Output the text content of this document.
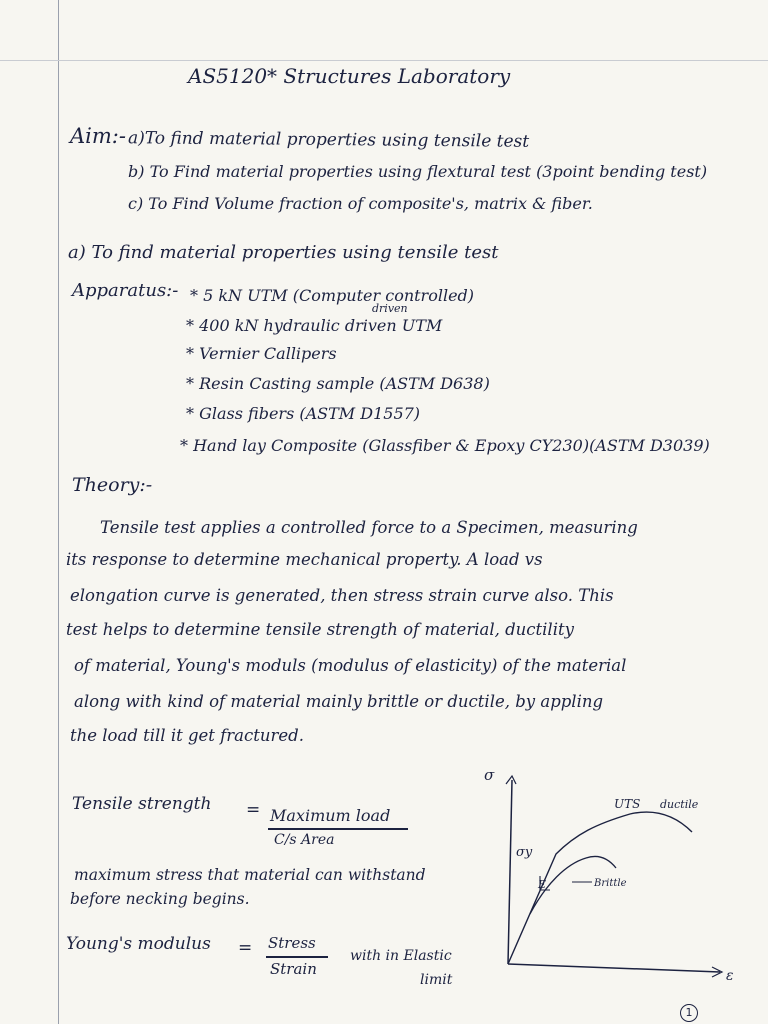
AS5120* Structures Laboratory
Aim:- a)To find material properties using tensile test
b) To Find material properties using flextural test (3point bending test)
c) To Find Volume fraction of composite's, matrix & fiber.
a) To find material properties using tensile test
Apparatus:- * 5 kN UTM (Computer controlled)
driven
* 400 kN hydraulic driven UTM
* Vernier Callipers
* Resin Casting sample (ASTM D638)
* Glass fibers (ASTM D1557)
* Hand lay Composite (Glassfiber & Epoxy CY230)(ASTM D3039)
Theory:-
Tensile test applies a controlled force to a Specimen, measuring
its response to determine mechanical property. A load vs
elongation curve is generated, then stress strain curve also. This
test helps to determine tensile strength of material, ductility
of material, Young's moduls (modulus of elasticity) of the material
along with kind of material mainly brittle or ductile, by appling
the load till it get fractured.
Tensile strength = Maximum load
C/s Area
maximum stress that material can withstand
before necking begins.
Young's modulus = Stress
Strain
with in Elastic
limit
σ
ε
UTS ductile
σy
E	Brittle
1
